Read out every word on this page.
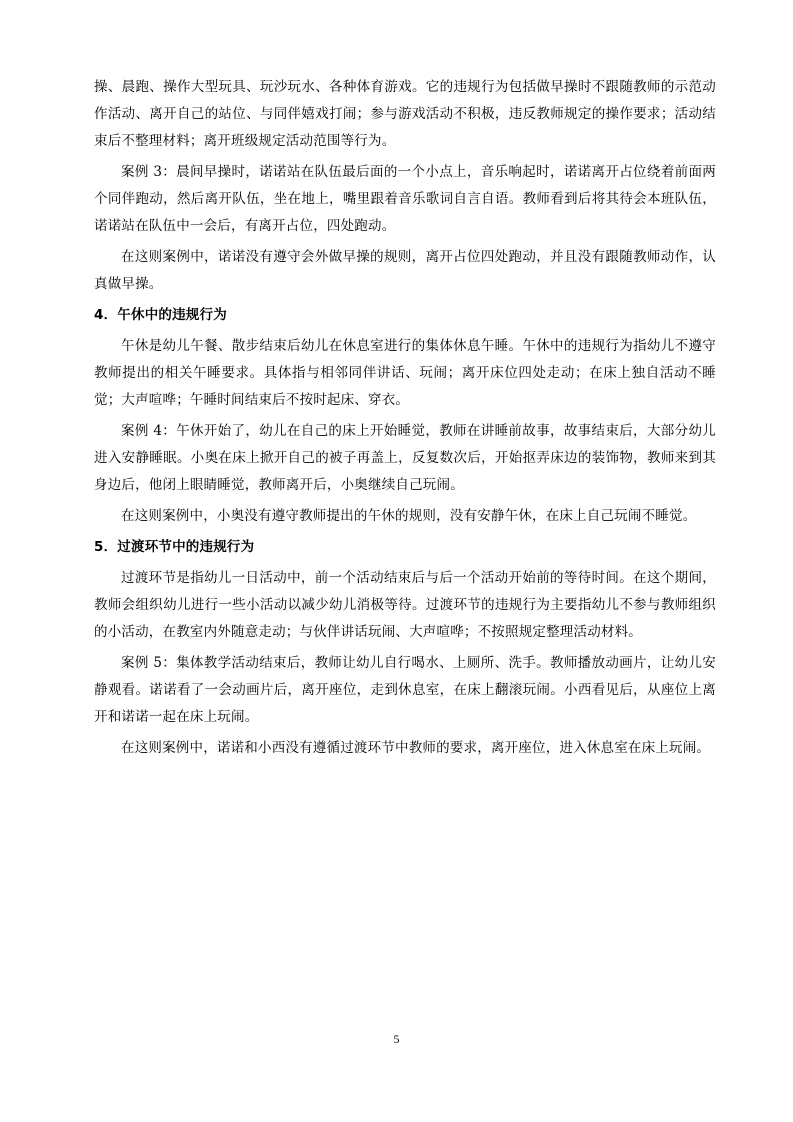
操、晨跑、操作大型玩具、玩沙玩水、各种体育游戏。它的违规行为包括做早操时不跟随教师的示范动作活动、离开自己的站位、与同伴嬉戏打闹；参与游戏活动不积极，违反教师规定的操作要求；活动结束后不整理材料；离开班级规定活动范围等行为。

案例 3：晨间早操时，诺诺站在队伍最后面的一个小点上，音乐响起时，诺诺离开占位绕着前面两个同伴跑动，然后离开队伍，坐在地上，嘴里跟着音乐歌词自言自语。教师看到后将其待会本班队伍，诺诺站在队伍中一会后，有离开占位，四处跑动。

在这则案例中，诺诺没有遵守会外做早操的规则，离开占位四处跑动，并且没有跟随教师动作，认真做早操。

4．午休中的违规行为

午休是幼儿午餐、散步结束后幼儿在休息室进行的集体休息午睡。午休中的违规行为指幼儿不遵守教师提出的相关午睡要求。具体指与相邻同伴讲话、玩闹；离开床位四处走动；在床上独自活动不睡觉；大声喧哗；午睡时间结束后不按时起床、穿衣。

案例 4：午休开始了，幼儿在自己的床上开始睡觉，教师在讲睡前故事，故事结束后，大部分幼儿进入安静睡眠。小奥在床上掀开自己的被子再盖上，反复数次后，开始抠弄床边的装饰物，教师来到其身边后，他闭上眼睛睡觉，教师离开后，小奥继续自己玩闹。

在这则案例中，小奥没有遵守教师提出的午休的规则，没有安静午休，在床上自己玩闹不睡觉。

5．过渡环节中的违规行为

过渡环节是指幼儿一日活动中，前一个活动结束后与后一个活动开始前的等待时间。在这个期间，教师会组织幼儿进行一些小活动以减少幼儿消极等待。过渡环节的违规行为主要指幼儿不参与教师组织的小活动，在教室内外随意走动；与伙伴讲话玩闹、大声喧哗；不按照规定整理活动材料。

案例 5：集体教学活动结束后，教师让幼儿自行喝水、上厕所、洗手。教师播放动画片，让幼儿安静观看。诺诺看了一会动画片后，离开座位，走到休息室，在床上翻滚玩闹。小西看见后，从座位上离开和诺诺一起在床上玩闹。

在这则案例中，诺诺和小西没有遵循过渡环节中教师的要求，离开座位，进入休息室在床上玩闹。

5
